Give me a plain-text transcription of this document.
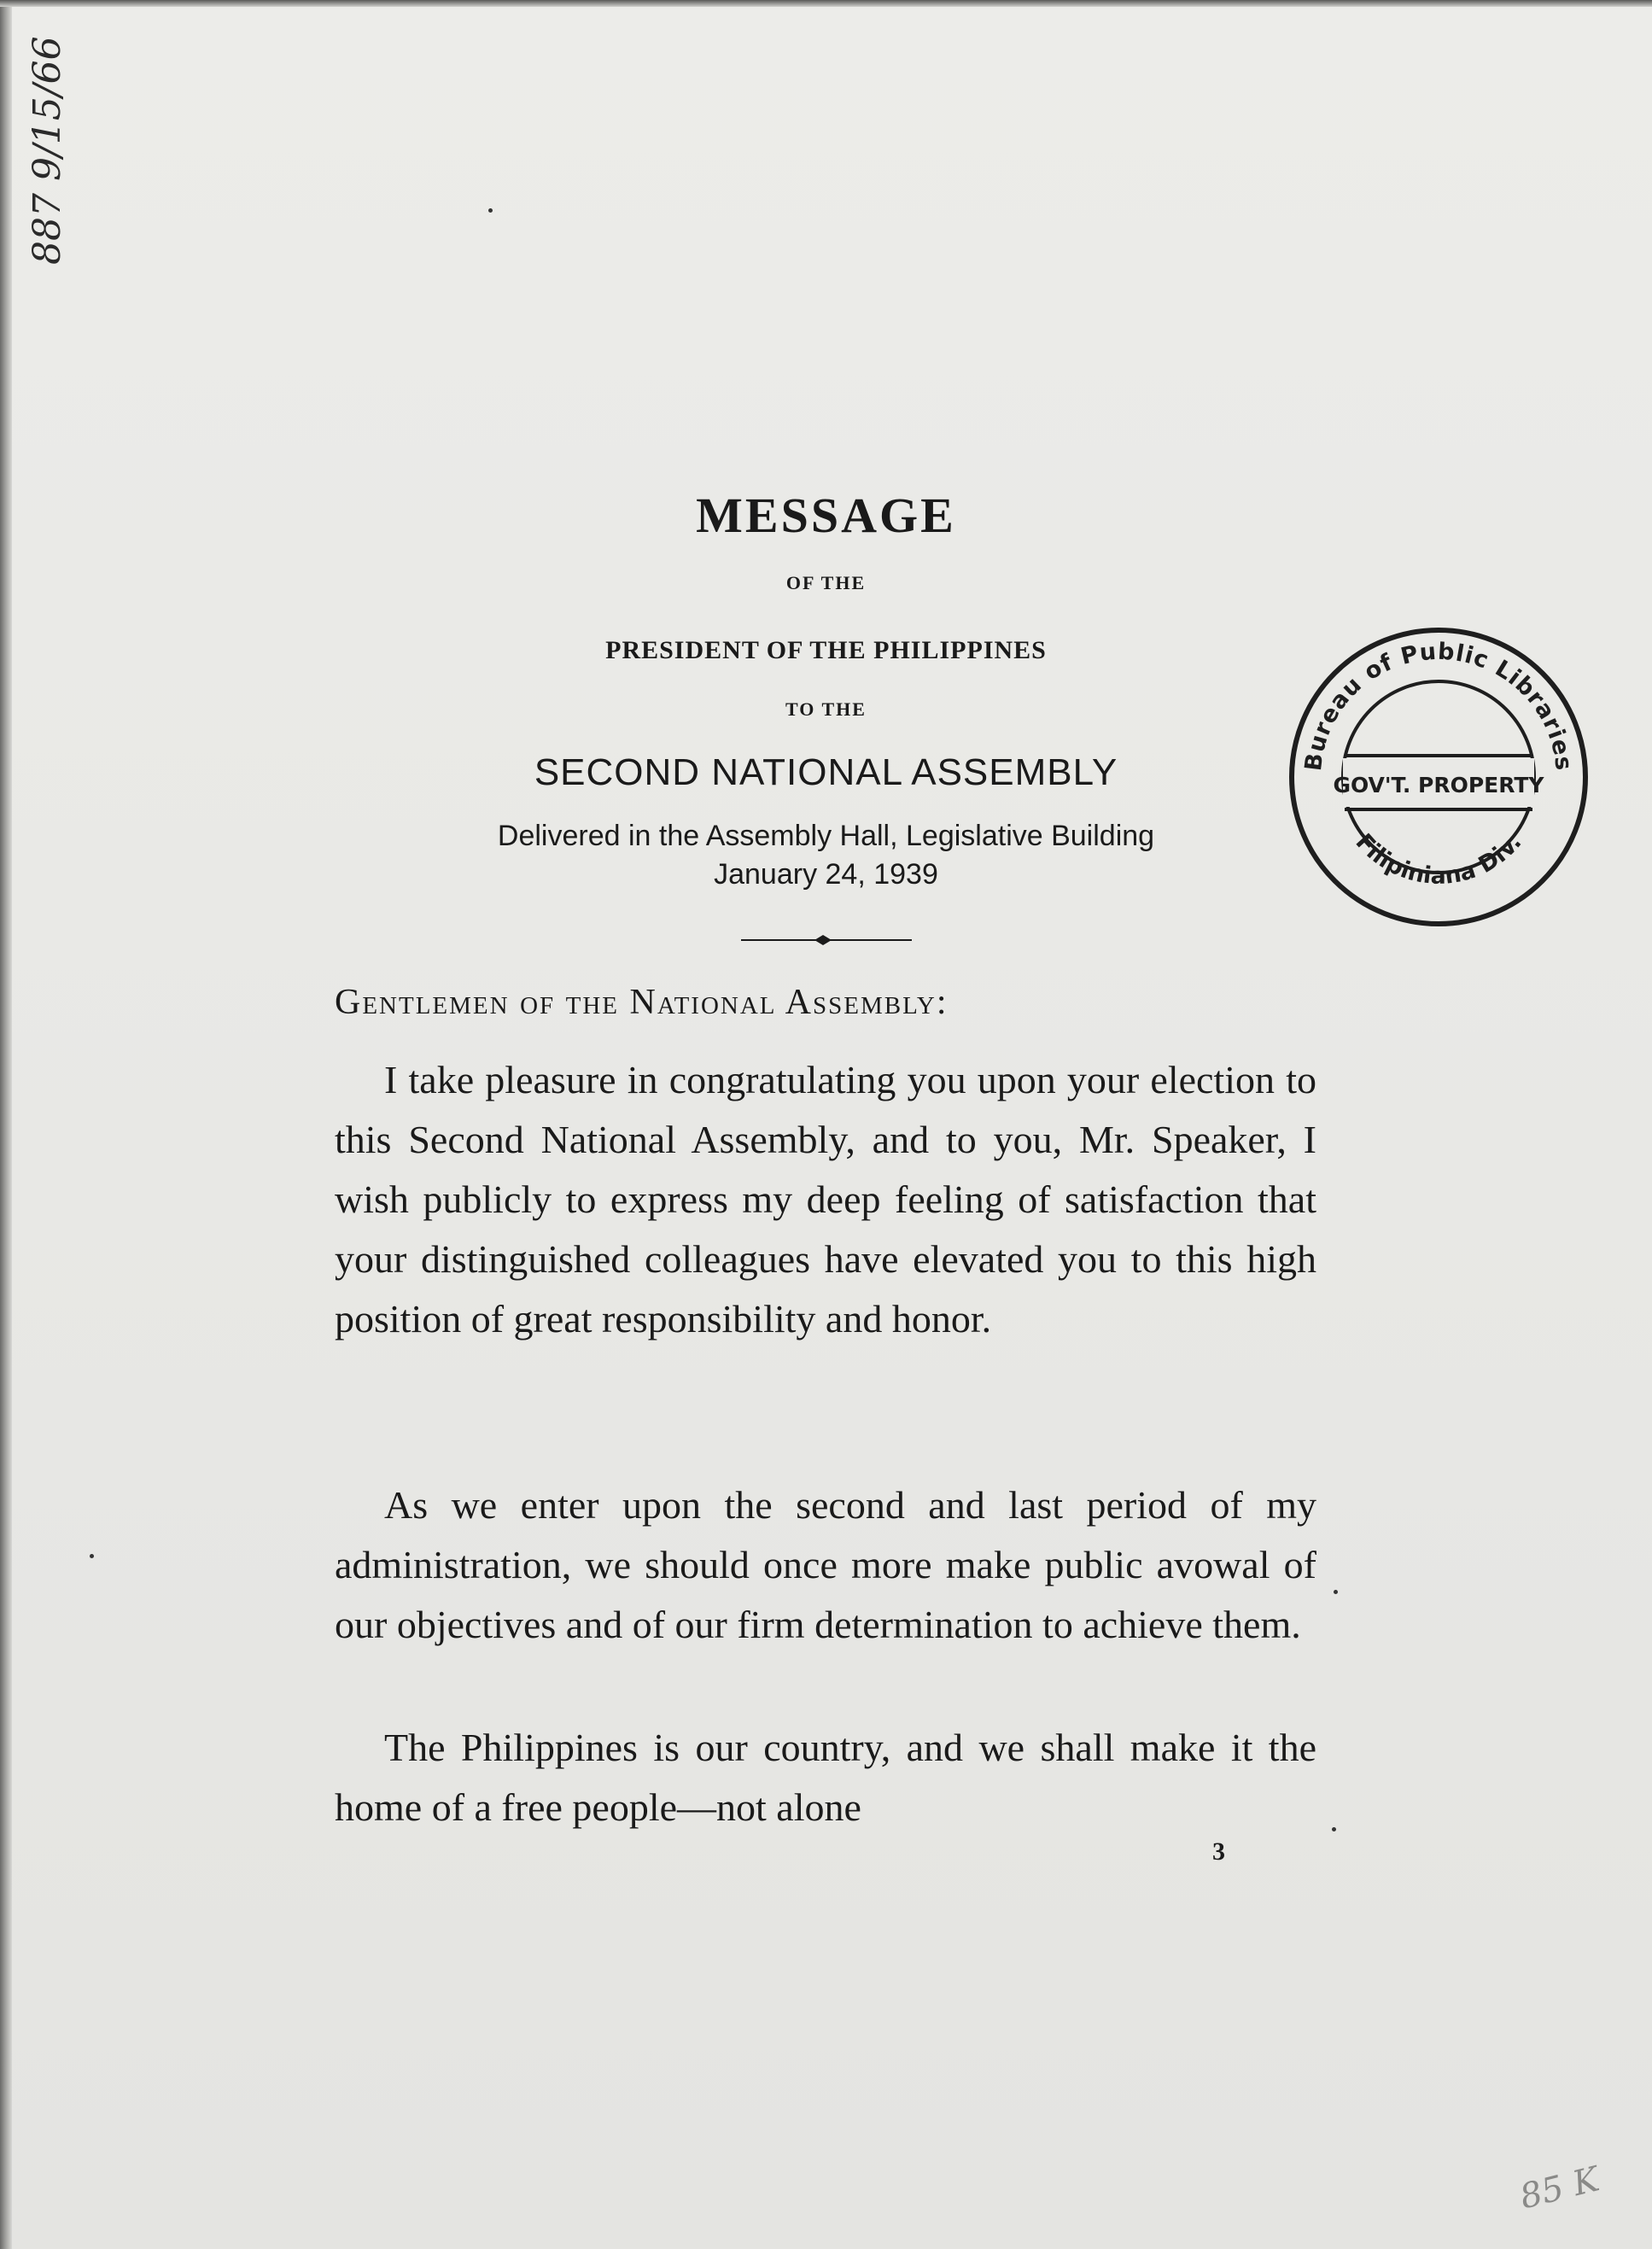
887 9/15/66
MESSAGE
OF THE
PRESIDENT OF THE PHILIPPINES
TO THE
SECOND NATIONAL ASSEMBLY
Delivered in the Assembly Hall, Legislative Building
January 24, 1939
Bureau of Public Libraries
GOV'T. PROPERTY
Filipiniana Div.
Gentlemen of the National Assembly:

I take pleasure in congratulating you upon your election to this Second National Assembly, and to you, Mr. Speaker, I wish publicly to express my deep feeling of satisfaction that your distinguished colleagues have elevated you to this high position of great responsibility and honor.

As we enter upon the second and last period of my administration, we should once more make public avowal of our objectives and of our firm determination to achieve them.

The Philippines is our country, and we shall make it the home of a free people—not alone

3
85 K
